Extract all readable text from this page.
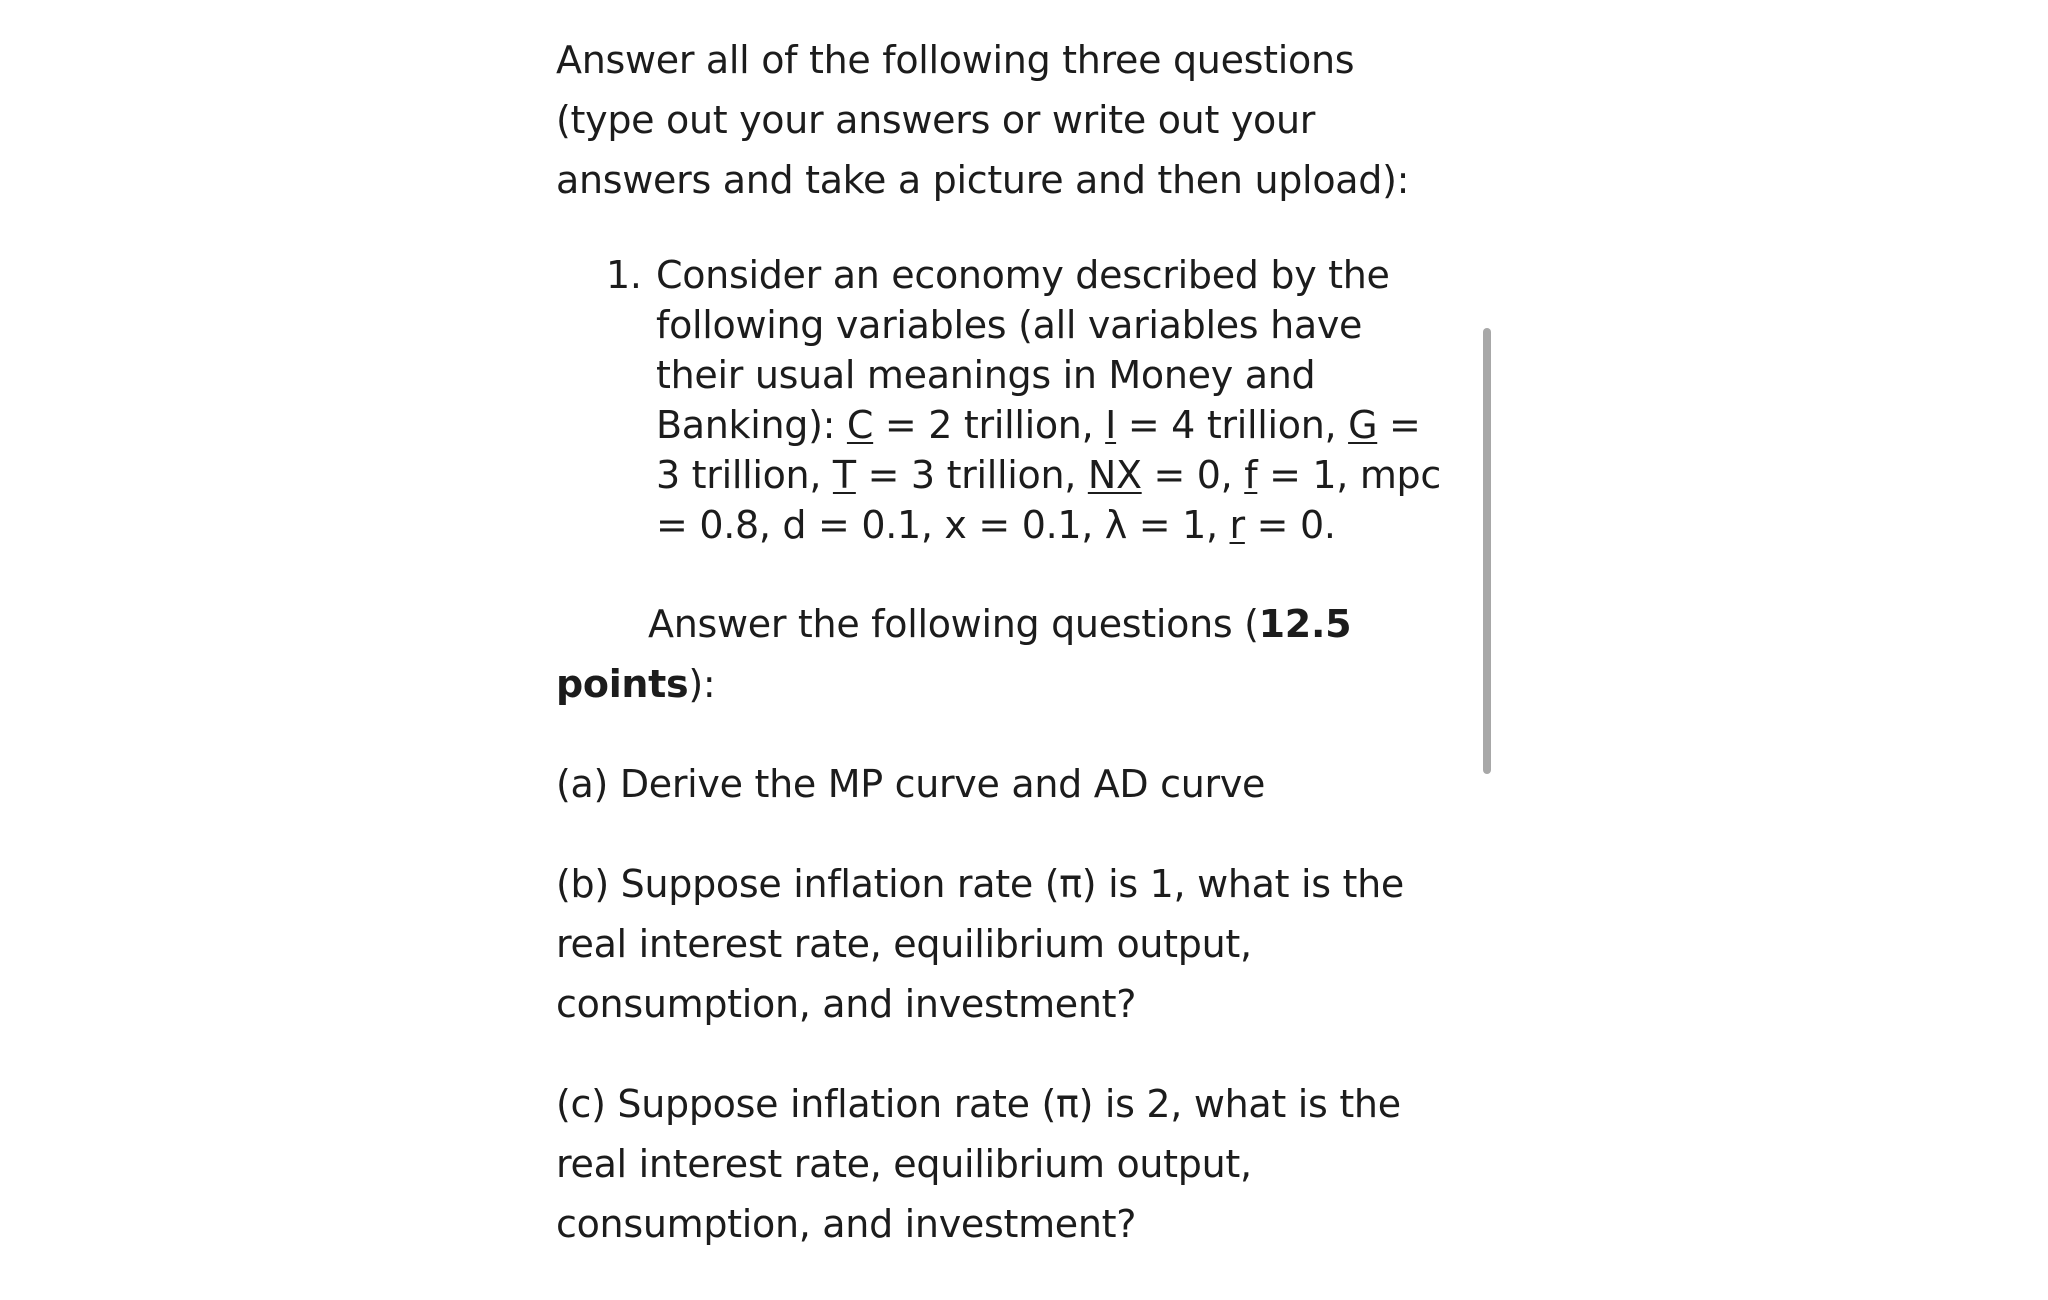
Answer all of the following three questions (type out your answers or write out your answers and take a picture and then upload):

1. Consider an economy described by the following variables (all variables have their usual meanings in Money and Banking): C = 2 trillion, I = 4 trillion, G = 3 trillion, T = 3 trillion, NX = 0, f = 1, mpc = 0.8, d = 0.1, x = 0.1, λ = 1, r = 0.
Answer the following questions (12.5 points):
(a) Derive the MP curve and AD curve
(b) Suppose inflation rate (π) is 1, what is the real interest rate, equilibrium output, consumption, and investment?
(c) Suppose inflation rate (π) is 2, what is the real interest rate, equilibrium output, consumption, and investment?
